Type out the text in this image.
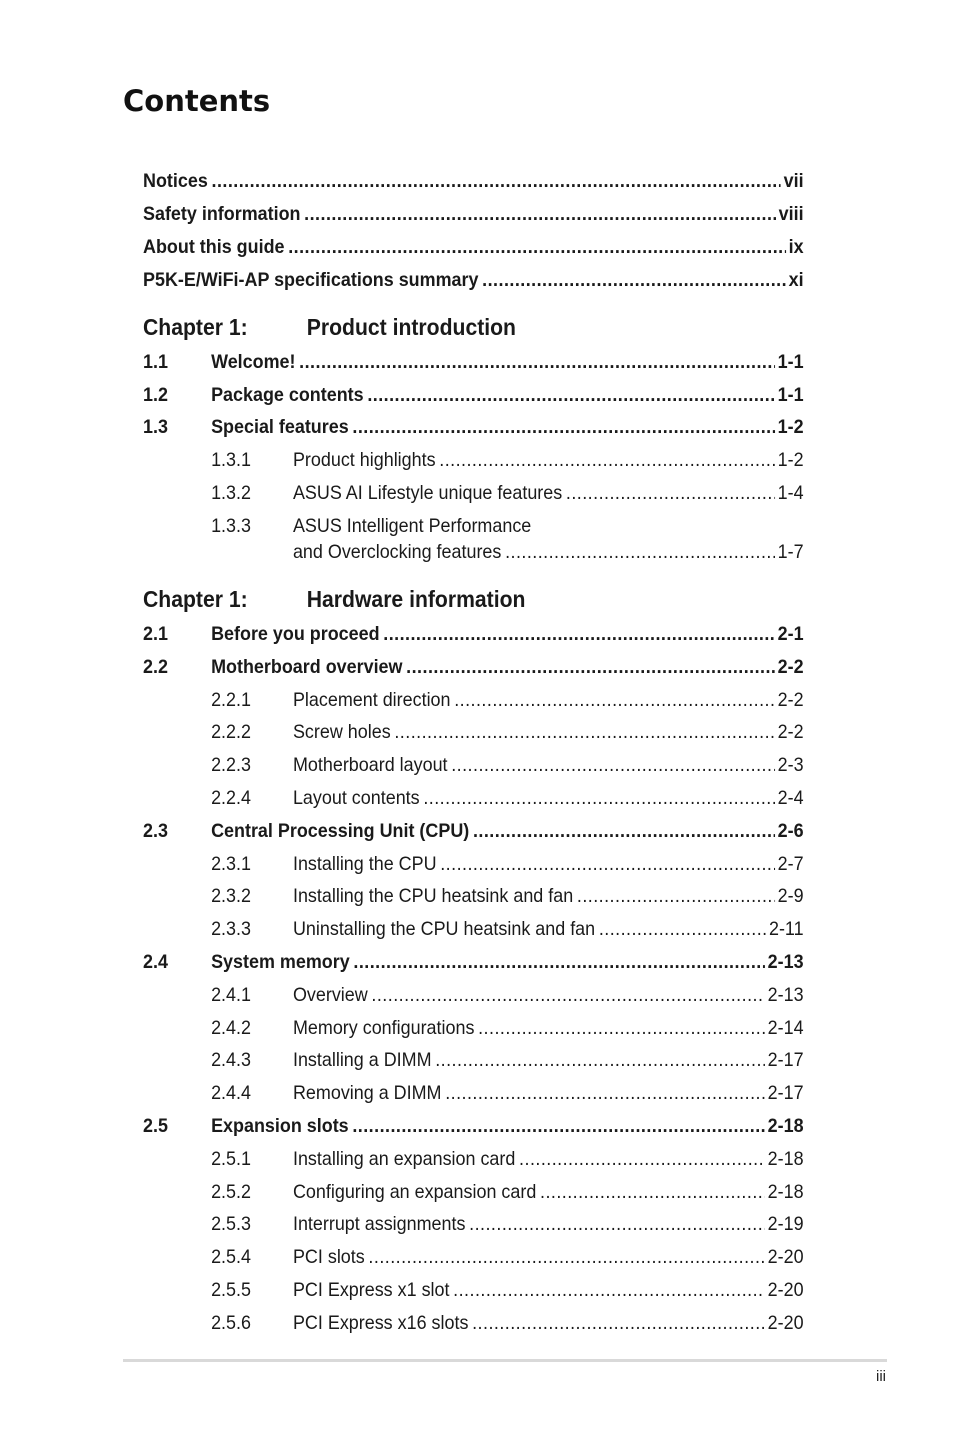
Contents
Notices .....	vii
Safety information .....	viii
About this guide .....	ix
P5K-E/WiFi-AP specifications summary .....	xi
Chapter 1:	Product introduction
1.1	Welcome! .....	1-1
1.2	Package contents .....	1-1
1.3	Special features .....	1-2
1.3.1	Product highlights .....	1-2
1.3.2	ASUS AI Lifestyle unique features .....	1-4
1.3.3	ASUS Intelligent Performance
and Overclocking features .....	1-7
Chapter 1:	Hardware information
2.1	Before you proceed .....	2-1
2.2	Motherboard overview .....	2-2
2.2.1	Placement direction .....	2-2
2.2.2	Screw holes .....	2-2
2.2.3	Motherboard layout .....	2-3
2.2.4	Layout contents .....	2-4
2.3	Central Processing Unit (CPU) .....	2-6
2.3.1	Installing the CPU .....	2-7
2.3.2	Installing the CPU heatsink and fan .....	2-9
2.3.3	Uninstalling the CPU heatsink and fan .....	2-11
2.4	System memory .....	2-13
2.4.1	Overview .....	2-13
2.4.2	Memory configurations .....	2-14
2.4.3	Installing a DIMM .....	2-17
2.4.4	Removing a DIMM .....	2-17
2.5	Expansion slots .....	2-18
2.5.1	Installing an expansion card .....	2-18
2.5.2	Configuring an expansion card .....	2-18
2.5.3	Interrupt assignments .....	2-19
2.5.4	PCI slots .....	2-20
2.5.5	PCI Express x1 slot .....	2-20
2.5.6	PCI Express x16 slots .....	2-20
iii
